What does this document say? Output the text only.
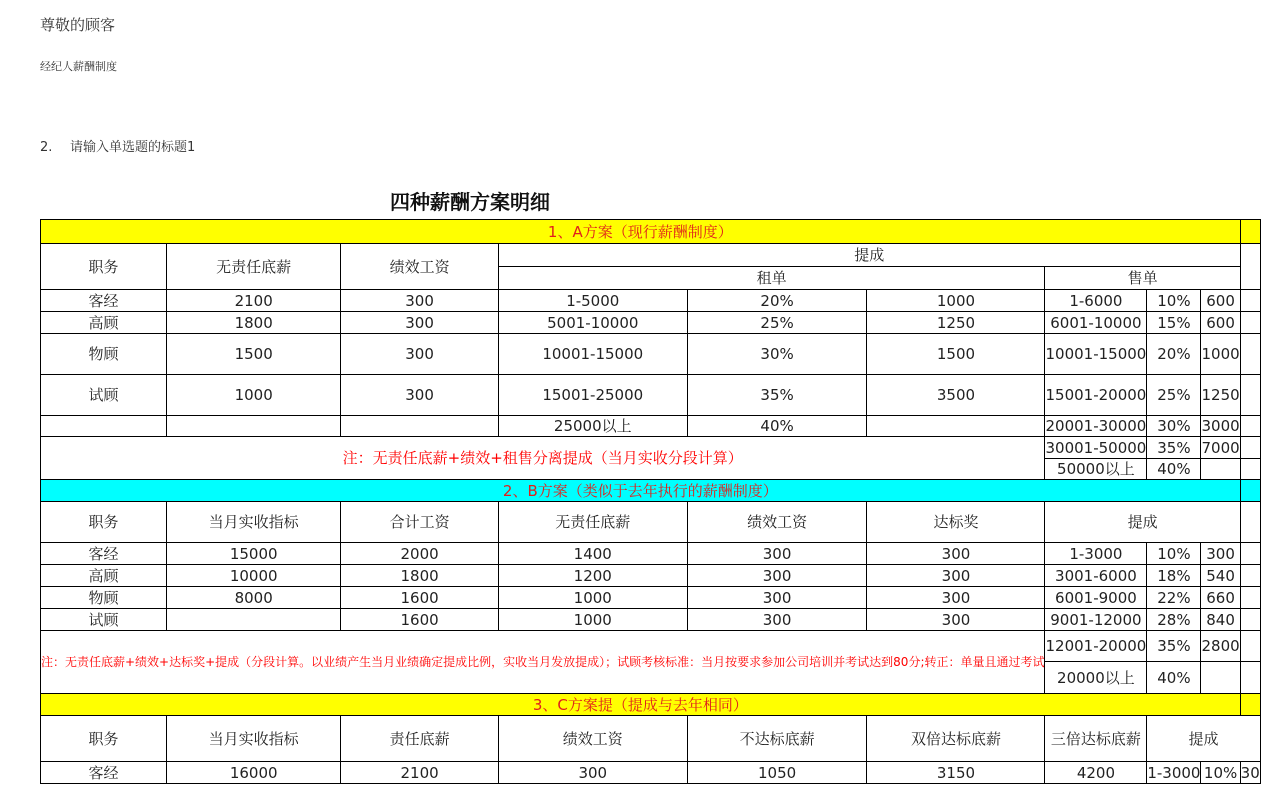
尊敬的顾客
经纪人薪酬制度
2. 请输入单选题的标题1
四种薪酬方案明细
1、A方案（现行薪酬制度）									
职务	无责任底薪	绩效工资	提成						
			租单			售单			
客经	2100	300	1-5000	20%	1000	1-6000	10%	600	
高顾	1800	300	5001-10000	25%	1250	6001-10000	15%	600	
物顾	1500	300	10001-15000	30%	1500	10001-15000	20%	1000	
试顾	1000	300	15001-25000	35%	3500	15001-20000	25%	1250	
			25000以上	40%		20001-30000	30%	3000	
注：无责任底薪+绩效+租售分离提成（当月实收分段计算）						30001-50000	35%	7000	
						50000以上	40%		
2、B方案（类似于去年执行的薪酬制度）									
职务	当月实收指标	合计工资	无责任底薪	绩效工资	达标奖	提成			
客经	15000	2000	1400	300	300	1-3000	10%	300	
高顾	10000	1800	1200	300	300	3001-6000	18%	540	
物顾	8000	1600	1000	300	300	6001-9000	22%	660	
试顾		1600	1000	300	300	9001-12000	28%	840	
注：无责任底薪+绩效+达标奖+提成（分段计算。以业绩产生当月业绩确定提成比例，实收当月发放提成）；试顾考核标准：当月按要求参加公司培训并考试达到80分;转正：单量且通过考试						12001-20000	35%	2800	
						20000以上	40%		
3、C方案提（提成与去年相同）									
职务	当月实收指标	责任底薪	绩效工资	不达标底薪	双倍达标底薪	三倍达标底薪	提成		
客经	16000	2100	300	1050	3150	4200	1-3000	10%	30
